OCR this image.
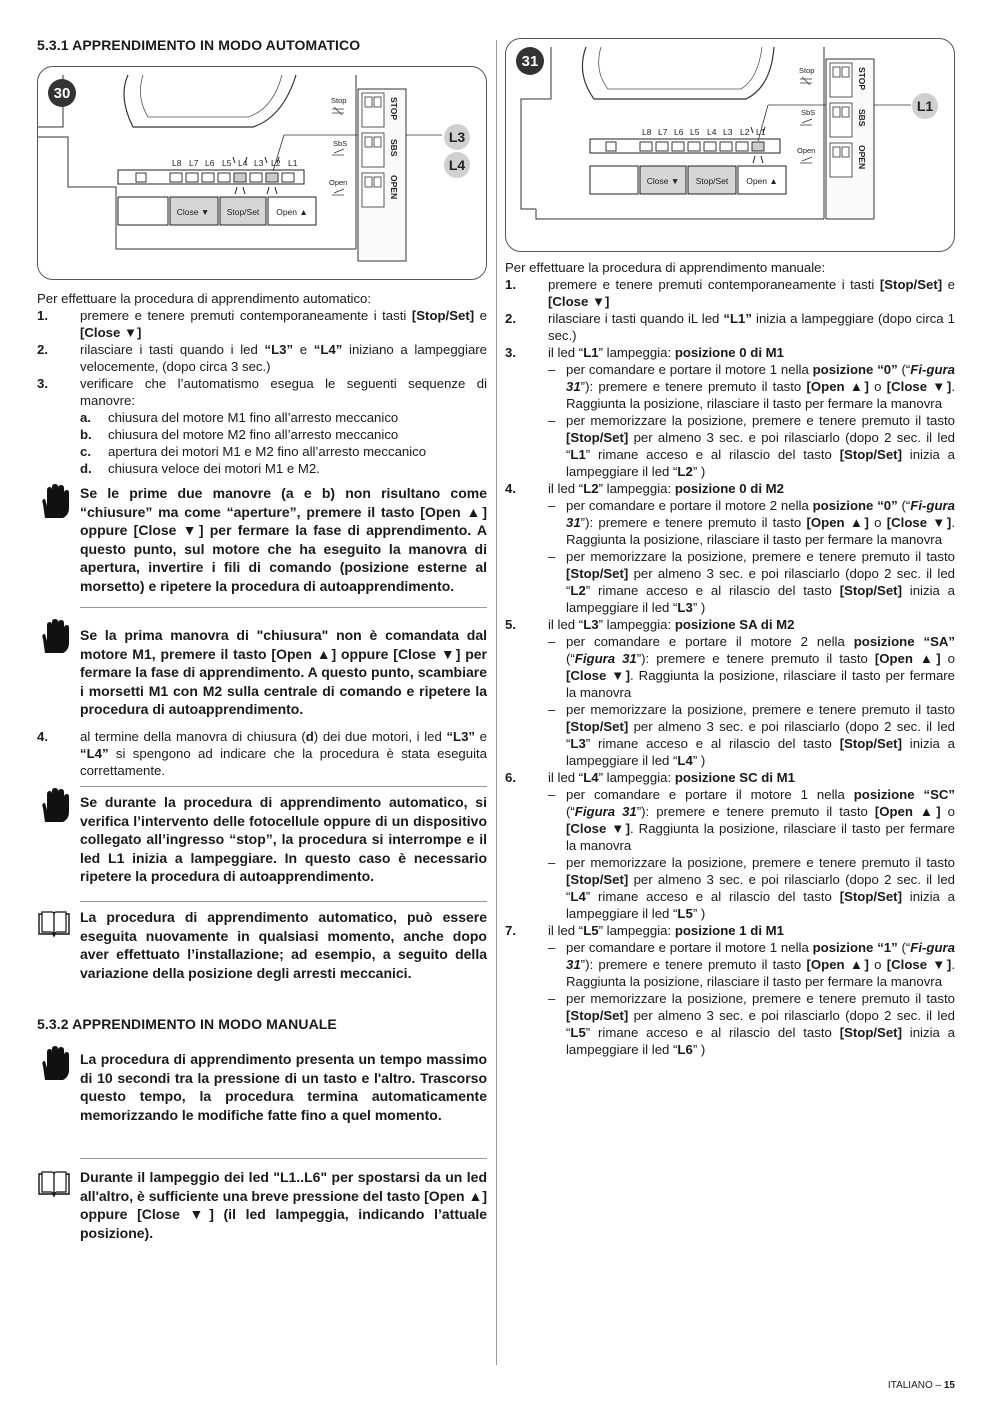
5.3.1 APPRENDIMENTO IN MODO AUTOMATICO
30
L3
L4
L8 L7 L6 L5 L4 L3 L2 L1
Close ▼ Stop/Set Open ▲
Stop
SbS
Open
STOP
SBS
OPEN

Per effettuare la procedura di apprendimento automatico:

1. premere e tenere premuti contemporaneamente i tasti [Stop/Set] e [Close ▼]
2. rilasciare i tasti quando i led “L3” e “L4” iniziano a lampeggiare velocemente, (dopo circa 3 sec.)
3. verificare che l’automatismo esegua le seguenti sequenze di manovre:
a. chiusura del motore M1 fino all’arresto meccanico
b. chiusura del motore M2 fino all’arresto meccanico
c. apertura dei motori M1 e M2 fino all’arresto meccanico
d. chiusura veloce dei motori M1 e M2.
Se le prime due manovre (a e b) non risultano come “chiusure” ma come “aperture”, premere il tasto [Open ▲] oppure [Close ▼] per fermare la fase di apprendimento. A questo punto, sul motore che ha eseguito la manovra di apertura, invertire i fili di comando (posizione esterne al morsetto) e ripetere la procedura di autoapprendimento.
Se la prima manovra di "chiusura" non è comandata dal motore M1, premere il tasto [Open ▲] oppure [Close ▼] per fermare la fase di apprendimento. A questo punto, scambiare i morsetti M1 con M2 sulla centrale di comando e ripetere la procedura di autoapprendimento.
4. al termine della manovra di chiusura (d) dei due motori, i led “L3” e “L4” si spengono ad indicare che la procedura è stata eseguita correttamente.
Se durante la procedura di apprendimento automatico, si verifica l’intervento delle fotocellule oppure di un dispositivo collegato all’ingresso “stop”, la procedura si interrompe e il led L1 inizia a lampeggiare. In questo caso è necessario ripetere la procedura di autoapprendimento.
La procedura di apprendimento automatico, può essere eseguita nuovamente in qualsiasi momento, anche dopo aver effettuato l’installazione; ad esempio, a seguito della variazione della posizione degli arresti meccanici.
5.3.2 APPRENDIMENTO IN MODO MANUALE
La procedura di apprendimento presenta un tempo massimo di 10 secondi tra la pressione di un tasto e l'altro. Trascorso questo tempo, la procedura termina automaticamente memorizzando le modifiche fatte fino a quel momento.
Durante il lampeggio dei led "L1..L6" per spostarsi da un led all'altro, è sufficiente una breve pressione del tasto [Open ▲] oppure [Close ▼] (il led lampeggia, indicando l’attuale posizione).
31
L1
L8 L7 L6 L5 L4 L3 L2 L1
Close ▼ Stop/Set Open ▲
Stop
SbS
Open
STOP
SBS
OPEN

Per effettuare la procedura di apprendimento manuale:

1. premere e tenere premuti contemporaneamente i tasti [Stop/Set] e [Close ▼]
2. rilasciare i tasti quando iL led “L1” inizia a lampeggiare (dopo circa 1 sec.)
3. il led “L1” lampeggia: posizione 0 di M1
– per comandare e portare il motore 1 nella posizione “0” (“Fi-gura 31”): premere e tenere premuto il tasto [Open ▲] o [Close ▼]. Raggiunta la posizione, rilasciare il tasto per fermare la manovra
– per memorizzare la posizione, premere e tenere premuto il tasto [Stop/Set] per almeno 3 sec. e poi rilasciarlo (dopo 2 sec. il led “L1” rimane acceso e al rilascio del tasto [Stop/Set] inizia a lampeggiare il led “L2” )
4. il led “L2” lampeggia: posizione 0 di M2
– per comandare e portare il motore 2 nella posizione “0” (“Fi-gura 31”): premere e tenere premuto il tasto [Open ▲] o [Close ▼]. Raggiunta la posizione, rilasciare il tasto per fermare la manovra
– per memorizzare la posizione, premere e tenere premuto il tasto [Stop/Set] per almeno 3 sec. e poi rilasciarlo (dopo 2 sec. il led “L2” rimane acceso e al rilascio del tasto [Stop/Set] inizia a lampeggiare il led “L3” )
5. il led “L3” lampeggia: posizione SA di M2
– per comandare e portare il motore 2 nella posizione “SA” (“Figura 31”): premere e tenere premuto il tasto [Open ▲] o [Close ▼]. Raggiunta la posizione, rilasciare il tasto per fermare la manovra
– per memorizzare la posizione, premere e tenere premuto il tasto [Stop/Set] per almeno 3 sec. e poi rilasciarlo (dopo 2 sec. il led “L3” rimane acceso e al rilascio del tasto [Stop/Set] inizia a lampeggiare il led “L4” )
6. il led “L4” lampeggia: posizione SC di M1
– per comandare e portare il motore 1 nella posizione “SC” (“Figura 31”): premere e tenere premuto il tasto [Open ▲] o [Close ▼]. Raggiunta la posizione, rilasciare il tasto per fermare la manovra
– per memorizzare la posizione, premere e tenere premuto il tasto [Stop/Set] per almeno 3 sec. e poi rilasciarlo (dopo 2 sec. il led “L4” rimane acceso e al rilascio del tasto [Stop/Set] inizia a lampeggiare il led “L5” )
7. il led “L5” lampeggia: posizione 1 di M1
– per comandare e portare il motore 1 nella posizione “1” (“Fi-gura 31”): premere e tenere premuto il tasto [Open ▲] o [Close ▼]. Raggiunta la posizione, rilasciare il tasto per fermare la manovra
– per memorizzare la posizione, premere e tenere premuto il tasto [Stop/Set] per almeno 3 sec. e poi rilasciarlo (dopo 2 sec. il led “L5” rimane acceso e al rilascio del tasto [Stop/Set] inizia a lampeggiare il led “L6” )
ITALIANO – 15
